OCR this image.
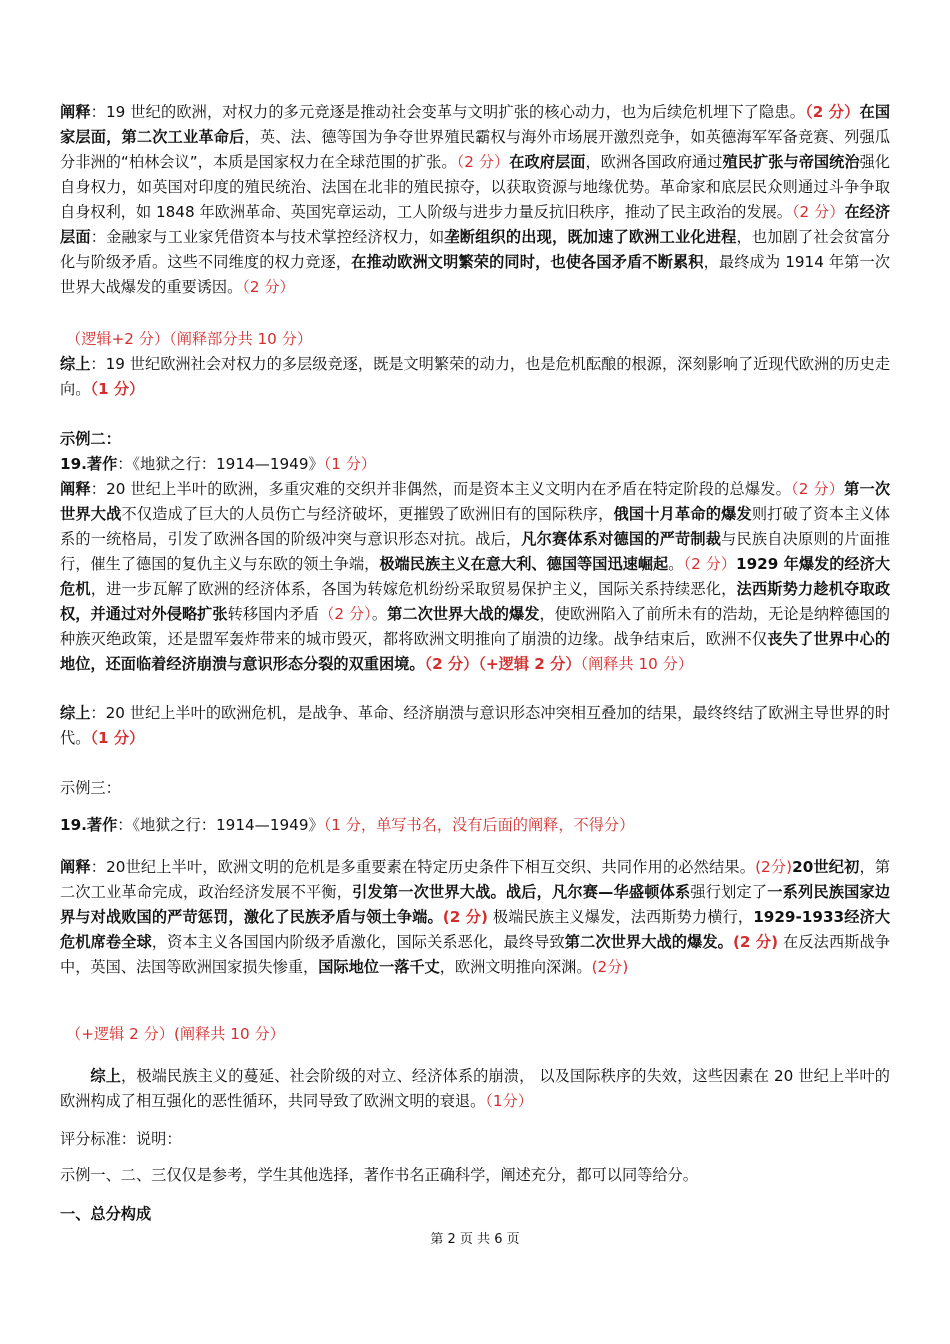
阐释：19 世纪的欧洲，对权力的多元竞逐是推动社会变革与文明扩张的核心动力，也为后续危机埋下了隐患。（2 分）在国家层面，第二次工业革命后，英、法、德等国为争夺世界殖民霸权与海外市场展开激烈竞争，如英德海军军备竞赛、列强瓜分非洲的“柏林会议”，本质是国家权力在全球范围的扩张。（2 分）在政府层面，欧洲各国政府通过殖民扩张与帝国统治强化自身权力，如英国对印度的殖民统治、法国在北非的殖民掠夺，以获取资源与地缘优势。革命家和底层民众则通过斗争争取自身权利，如 1848 年欧洲革命、英国宪章运动，工人阶级与进步力量反抗旧秩序，推动了民主政治的发展。（2 分）在经济层面：金融家与工业家凭借资本与技术掌控经济权力，如垄断组织的出现，既加速了欧洲工业化进程，也加剧了社会贫富分化与阶级矛盾。这些不同维度的权力竞逐，在推动欧洲文明繁荣的同时，也使各国矛盾不断累积，最终成为 1914 年第一次世界大战爆发的重要诱因。（2 分）
（逻辑+2 分）（阐释部分共 10 分）
综上：19 世纪欧洲社会对权力的多层级竞逐，既是文明繁荣的动力，也是危机酝酿的根源，深刻影响了近现代欧洲的历史走向。（1 分）
示例二：
19.著作：《地狱之行：1914—1949》（1 分）
阐释：20 世纪上半叶的欧洲，多重灾难的交织并非偶然，而是资本主义文明内在矛盾在特定阶段的总爆发。（2 分）第一次世界大战不仅造成了巨大的人员伤亡与经济破坏，更摧毁了欧洲旧有的国际秩序，俄国十月革命的爆发则打破了资本主义体系的一统格局，引发了欧洲各国的阶级冲突与意识形态对抗。战后，凡尔赛体系对德国的严苛制裁与民族自决原则的片面推行，催生了德国的复仇主义与东欧的领土争端，极端民族主义在意大利、德国等国迅速崛起。（2 分）1929 年爆发的经济大危机，进一步瓦解了欧洲的经济体系，各国为转嫁危机纷纷采取贸易保护主义，国际关系持续恶化，法西斯势力趁机夺取政权，并通过对外侵略扩张转移国内矛盾（2 分）。第二次世界大战的爆发，使欧洲陷入了前所未有的浩劫，无论是纳粹德国的种族灭绝政策，还是盟军轰炸带来的城市毁灭，都将欧洲文明推向了崩溃的边缘。战争结束后，欧洲不仅丧失了世界中心的地位，还面临着经济崩溃与意识形态分裂的双重困境。（2 分）（+逻辑 2 分）（阐释共 10 分）
综上：20 世纪上半叶的欧洲危机，是战争、革命、经济崩溃与意识形态冲突相互叠加的结果，最终终结了欧洲主导世界的时代。（1 分）
示例三：
19.著作：《地狱之行：1914—1949》（1 分，单写书名，没有后面的阐释，不得分）
阐释：20世纪上半叶，欧洲文明的危机是多重要素在特定历史条件下相互交织、共同作用的必然结果。(2分)20世纪初，第二次工业革命完成，政治经济发展不平衡，引发第一次世界大战。战后，凡尔赛—华盛顿体系强行划定了一系列民族国家边界与对战败国的严苛惩罚，激化了民族矛盾与领土争端。(2 分) 极端民族主义爆发，法西斯势力横行，1929-1933经济大危机席卷全球，资本主义各国国内阶级矛盾激化，国际关系恶化，最终导致第二次世界大战的爆发。(2 分) 在反法西斯战争中，英国、法国等欧洲国家损失惨重，国际地位一落千丈，欧洲文明推向深渊。(2分)
（+逻辑 2 分）(阐释共 10 分）
综上，极端民族主义的蔓延、社会阶级的对立、经济体系的崩溃， 以及国际秩序的失效，这些因素在 20 世纪上半叶的欧洲构成了相互强化的恶性循环，共同导致了欧洲文明的衰退。（1分）
评分标准：说明：
示例一、二、三仅仅是参考，学生其他选择，著作书名正确科学，阐述充分，都可以同等给分。
一、总分构成
第 2 页 共 6 页
